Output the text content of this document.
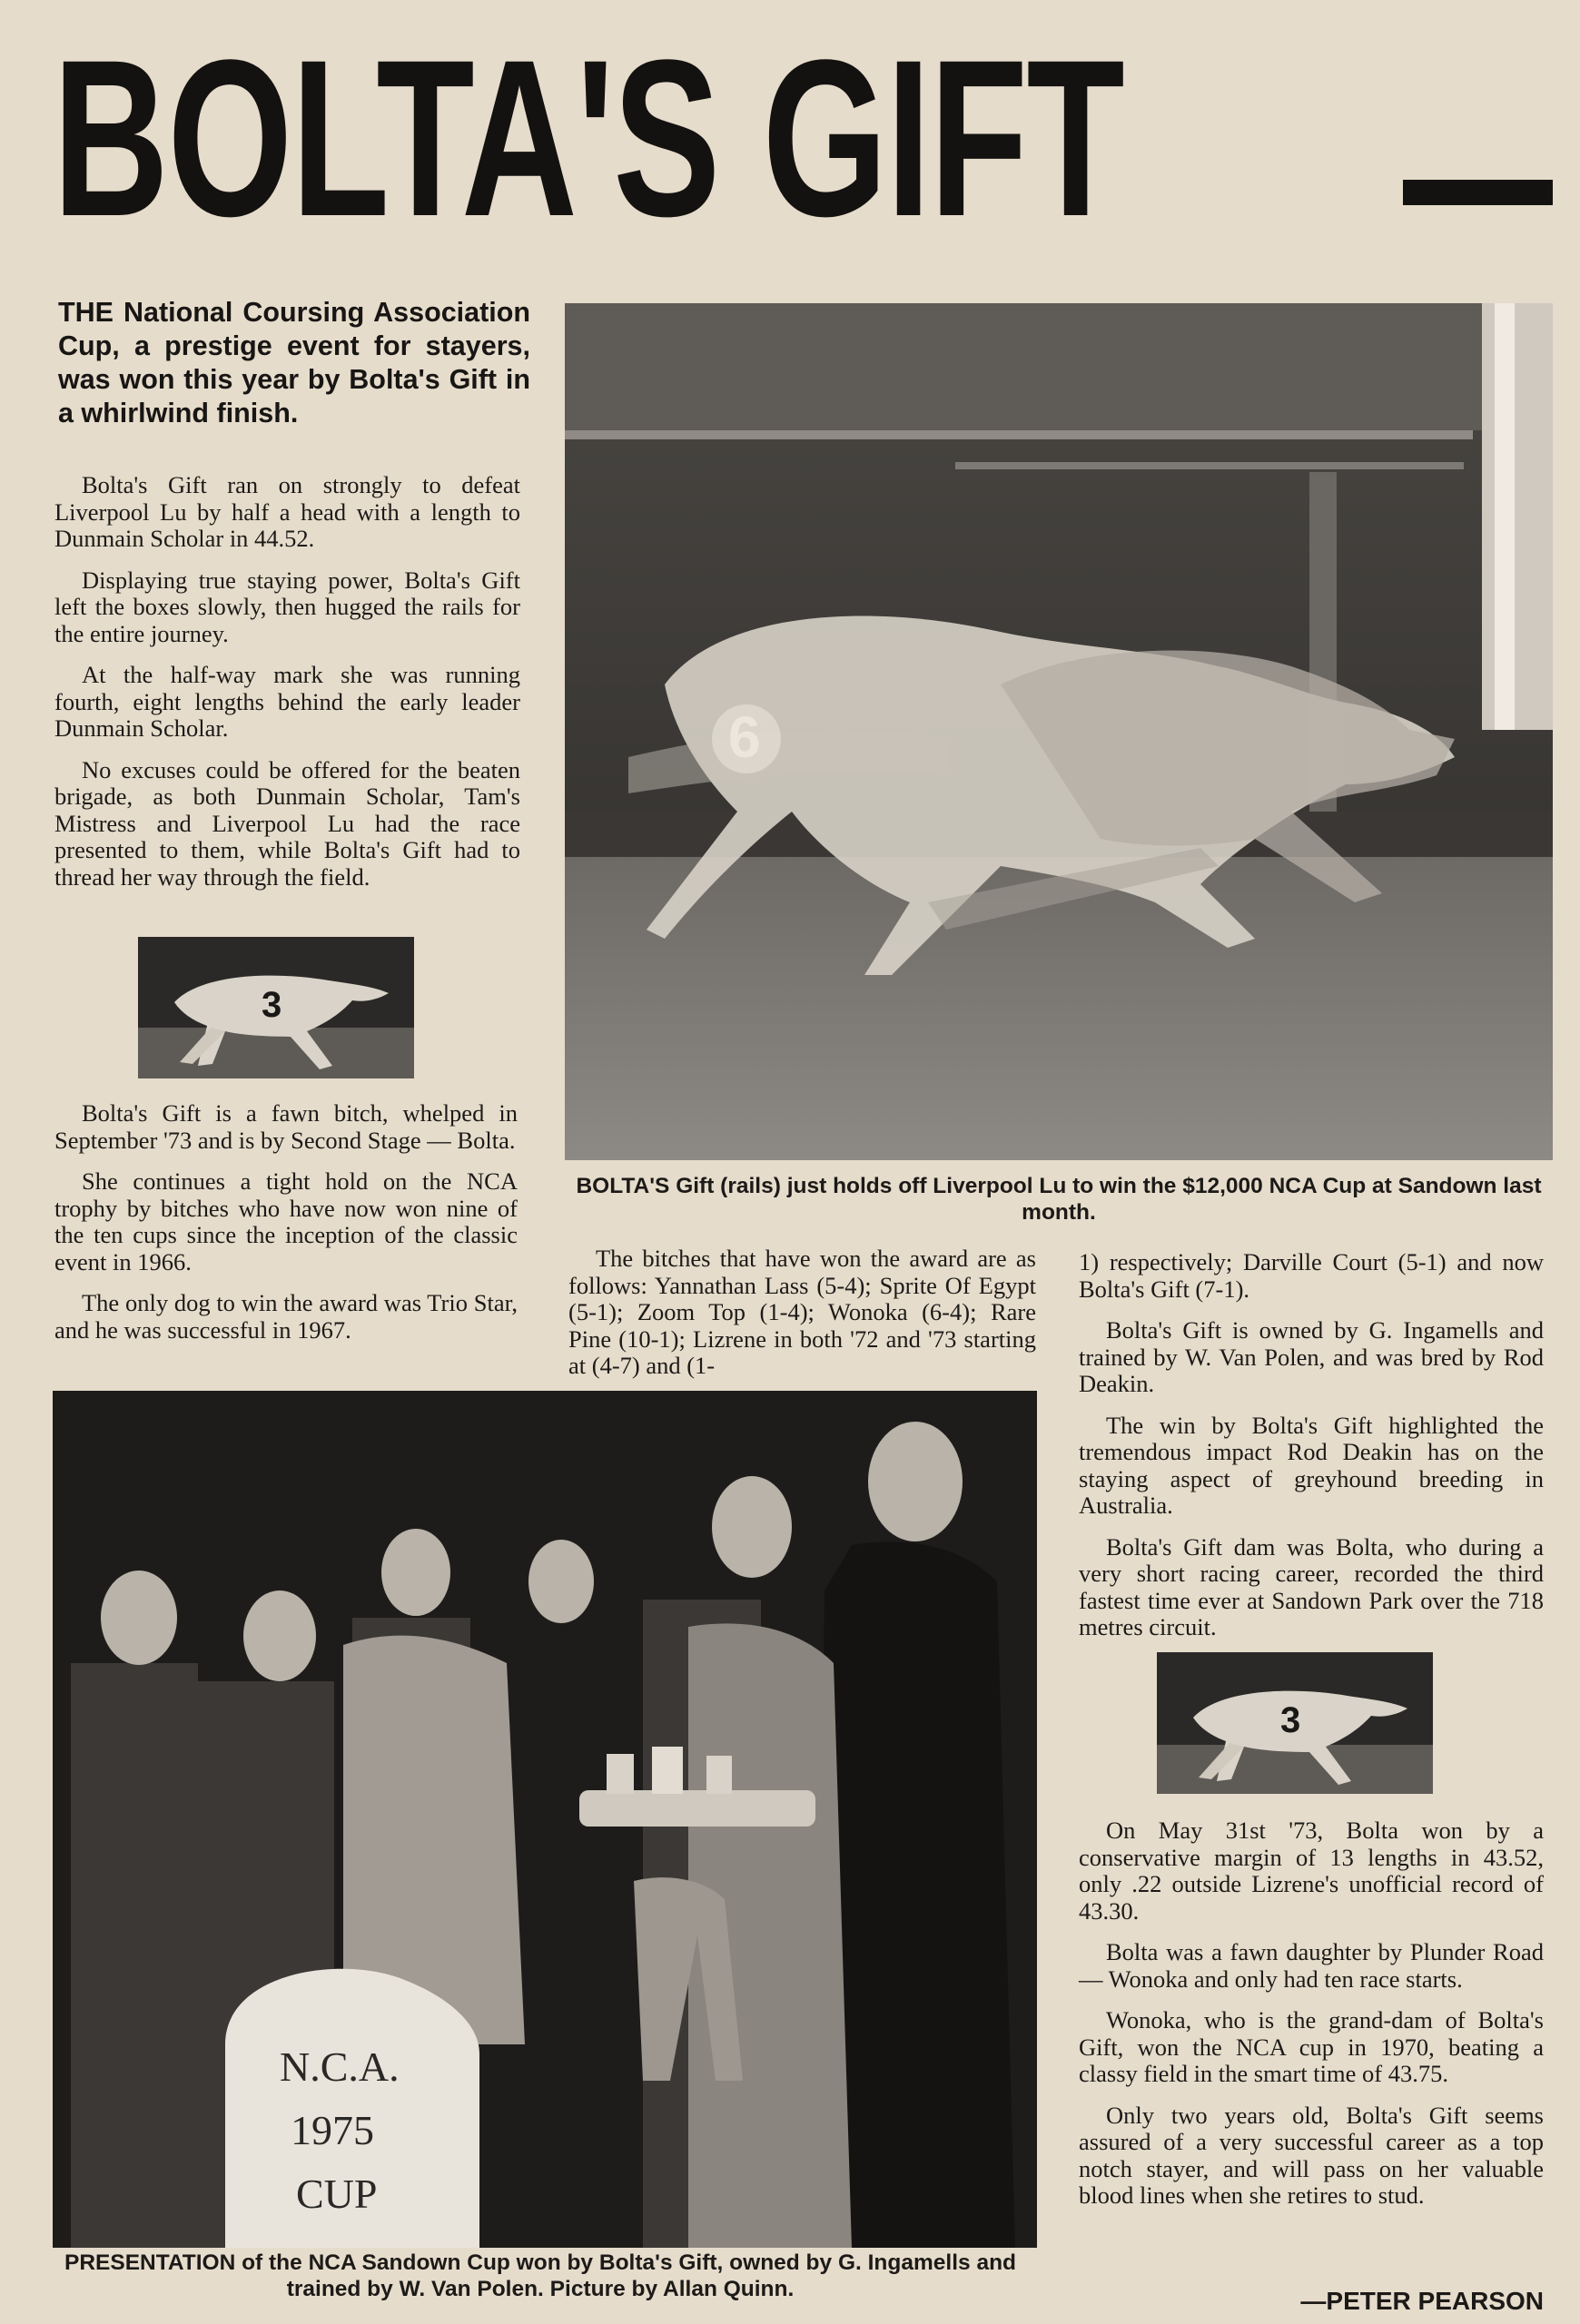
BOLTA'S GIFT
THE National Coursing Association Cup, a prestige event for stayers, was won this year by Bolta's Gift in a whirlwind finish.

Bolta's Gift ran on strongly to defeat Liverpool Lu by half a head with a length to Dunmain Scholar in 44.52.

Displaying true staying power, Bolta's Gift left the boxes slowly, then hugged the rails for the entire journey.

At the half-way mark she was running fourth, eight lengths behind the early leader Dunmain Scholar.

No excuses could be offered for the beaten brigade, as both Dunmain Scholar, Tam's Mistress and Liverpool Lu had the race presented to them, while Bolta's Gift had to thread her way through the field.

3

Bolta's Gift is a fawn bitch, whelped in September '73 and is by Second Stage — Bolta.

She continues a tight hold on the NCA trophy by bitches who have now won nine of the ten cups since the inception of the classic event in 1966.

The only dog to win the award was Trio Star, and he was successful in 1967.

6
BOLTA'S Gift (rails) just holds off Liverpool Lu to win the $12,000 NCA Cup at Sandown last month.

The bitches that have won the award are as follows: Yannathan Lass (5-4); Sprite Of Egypt (5-1); Zoom Top (1-4); Wonoka (6-4); Rare Pine (10-1); Lizrene in both '72 and '73 starting at (4-7) and (1-

1) respectively; Darville Court (5-1) and now Bolta's Gift (7-1).

Bolta's Gift is owned by G. Ingamells and trained by W. Van Polen, and was bred by Rod Deakin.

The win by Bolta's Gift highlighted the tremendous impact Rod Deakin has on the staying aspect of greyhound breeding in Australia.

Bolta's Gift dam was Bolta, who during a very short racing career, recorded the third fastest time ever at Sandown Park over the 718 metres circuit.

3

On May 31st '73, Bolta won by a conservative margin of 13 lengths in 43.52, only .22 outside Lizrene's unofficial record of 43.30.

Bolta was a fawn daughter by Plunder Road — Wonoka and only had ten race starts.

Wonoka, who is the grand-dam of Bolta's Gift, won the NCA cup in 1970, beating a classy field in the smart time of 43.75.

Only two years old, Bolta's Gift seems assured of a very successful career as a top notch stayer, and will pass on her valuable blood lines when she retires to stud.

N.C.A.
1975
CUP
PRESENTATION of the NCA Sandown Cup won by Bolta's Gift, owned by G. Ingamells and trained by W. Van Polen. Picture by Allan Quinn.	—PETER PEARSON
